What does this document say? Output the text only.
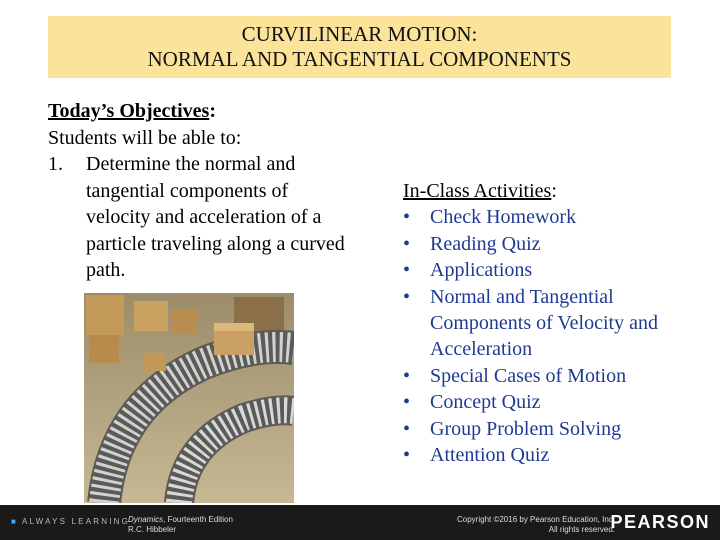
CURVILINEAR MOTION:
NORMAL AND TANGENTIAL COMPONENTS
Today’s Objectives:
Students will be able to:
1.	Determine the normal and tangential components of velocity and acceleration of a particle traveling along a curved path.
In-Class Activities:
• Check Homework
• Reading Quiz
• Applications
• Normal and Tangential Components of Velocity and Acceleration
• Special Cases of Motion
• Concept Quiz
• Group Problem Solving
• Attention Quiz
■ ALWAYS LEARNING
Dynamics, Fourteenth Edition
R.C. Hibbeler
Copyright ©2016 by Pearson Education, Inc.
All rights reserved.
PEARSON
